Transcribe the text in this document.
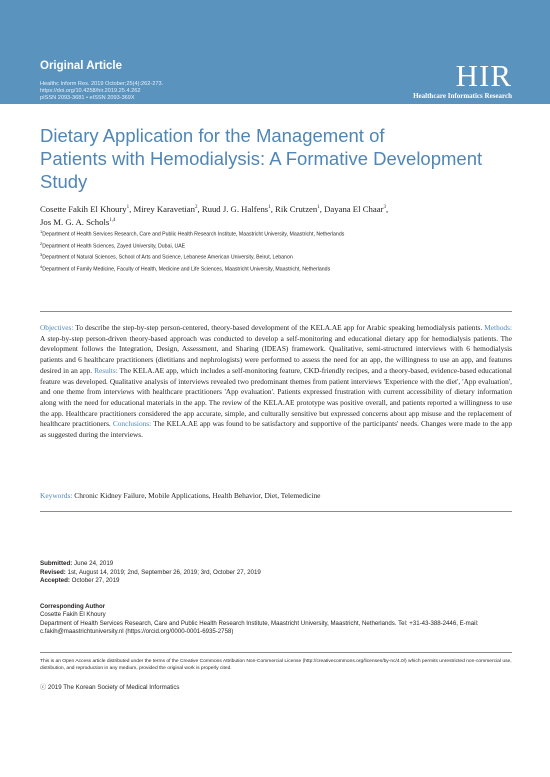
Original Article
Healthc Inform Res. 2019 October;25(4):262-273.
https://doi.org/10.4258/hir.2019.25.4.262
pISSN 2093-3681 • eISSN 2093-369X
HIR
Healthcare Informatics Research
Dietary Application for the Management of
Patients with Hemodialysis: A Formative Development
Study
Cosette Fakih El Khoury$^1$, Mirey Karavetian$^2$, Ruud J. G. Halfens$^1$, Rik Crutzen$^1$, Dayana El Chaar$^3$,
Jos M. G. A. Schols$^{1,4}$
$^1$Department of Health Services Research, Care and Public Health Research Institute, Maastricht University, Maastricht, Netherlands
$^2$Department of Health Sciences, Zayed University, Dubai, UAE
$^3$Department of Natural Sciences, School of Arts and Science, Lebanese American University, Beirut, Lebanon
$^4$Department of Family Medicine, Faculty of Health, Medicine and Life Sciences, Maastricht University, Maastricht, Netherlands
Objectives: To describe the step-by-step person-centered, theory-based development of the KELA.AE app for Arabic speaking hemodialysis patients. Methods: A step-by-step person-driven theory-based approach was conducted to develop a self-monitoring and educational dietary app for hemodialysis patients. The development follows the Integration, Design, Assessment, and Sharing (IDEAS) framework. Qualitative, semi-structured interviews with 6 hemodialysis patients and 6 healthcare practitioners (dietitians and nephrologists) were performed to assess the need for an app, the willingness to use an app, and features desired in an app. Results: The KELA.AE app, which includes a self-monitoring feature, CKD-friendly recipes, and a theory-based, evidence-based educational feature was developed. Qualitative analysis of interviews revealed two predominant themes from patient interviews 'Experience with the diet', 'App evaluation', and one theme from interviews with healthcare practitioners 'App evaluation'. Patients expressed frustration with current accessibility of dietary information along with the need for educational materials in the app. The review of the KELA.AE prototype was positive overall, and patients reported a willingness to use the app. Healthcare practitioners considered the app accurate, simple, and culturally sensitive but expressed concerns about app misuse and the replacement of healthcare practitioners. Conclusions: The KELA.AE app was found to be satisfactory and supportive of the participants' needs. Changes were made to the app as suggested during the interviews.
Keywords: Chronic Kidney Failure, Mobile Applications, Health Behavior, Diet, Telemedicine
Submitted: June 24, 2019
Revised: 1st, August 14, 2019; 2nd, September 26, 2019; 3rd, October 27, 2019
Accepted: October 27, 2019
Corresponding Author
Cosette Fakih El Khoury
Department of Health Services Research, Care and Public Health Research Institute, Maastricht University, Maastricht, Netherlands. Tel: +31-43-388-2446, E-mail: c.fakih@maastrichtuniversity.nl (https://orcid.org/0000-0001-6935-2758)
This is an Open Access article distributed under the terms of the Creative Commons Attribution Non-Commercial License (http://creativecommons.org/licenses/by-nc/4.0/) which permits unrestricted non-commercial use, distribution, and reproduction in any medium, provided the original work is properly cited.
ⓒ 2019 The Korean Society of Medical Informatics
